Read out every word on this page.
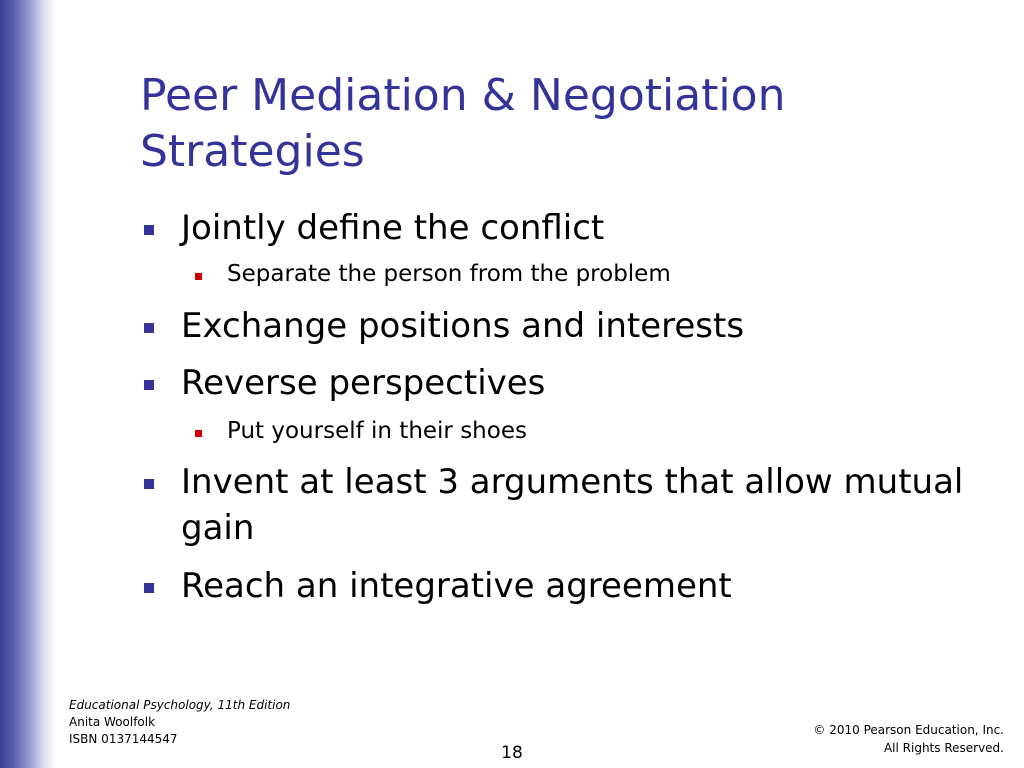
Peer Mediation & Negotiation Strategies
Jointly define the conflict
Separate the person from the problem
Exchange positions and interests
Reverse perspectives
Put yourself in their shoes
Invent at least 3 arguments that allow mutual gain
Reach an integrative agreement
Educational Psychology, 11th Edition
Anita Woolfolk
ISBN 0137144547
18
© 2010 Pearson Education, Inc.
All Rights Reserved.
